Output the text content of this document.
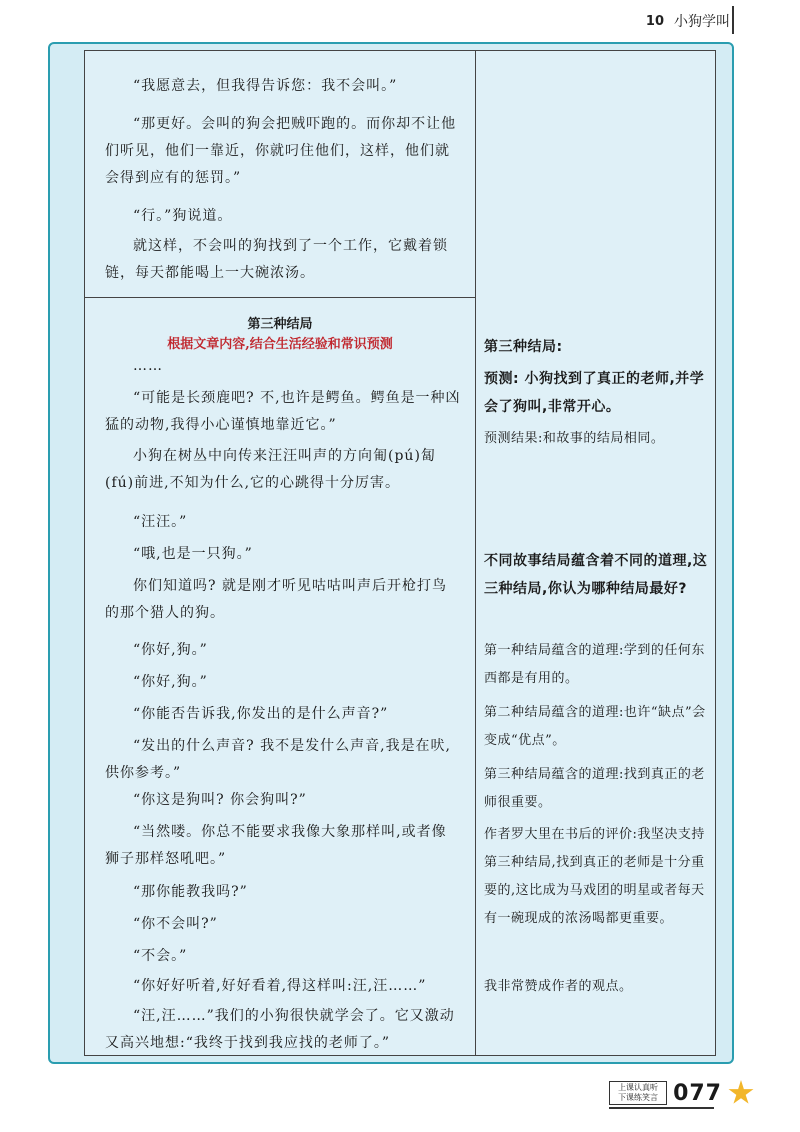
10 小狗学叫

“我愿意去，但我得告诉您：我不会叫。”

“那更好。会叫的狗会把贼吓跑的。而你却不让他们听见，他们一靠近，你就叼住他们，这样，他们就会得到应有的惩罚。”

“行。”狗说道。

就这样，不会叫的狗找到了一个工作，它戴着锁链，每天都能喝上一大碗浓汤。

第三种结局
根据文章内容,结合生活经验和常识预测

……

“可能是长颈鹿吧? 不,也许是鳄鱼。鳄鱼是一种凶猛的动物,我得小心谨慎地靠近它。”

小狗在树丛中向传来汪汪叫声的方向匍(pú)匐(fú)前进,不知为什么,它的心跳得十分厉害。

“汪汪。”

“哦,也是一只狗。”

你们知道吗? 就是刚才听见咕咕叫声后开枪打鸟的那个猎人的狗。

“你好,狗。”

“你好,狗。”

“你能否告诉我,你发出的是什么声音?”

“发出的什么声音? 我不是发什么声音,我是在吠,供你参考。”

“你这是狗叫? 你会狗叫?”

“当然喽。你总不能要求我像大象那样叫,或者像狮子那样怒吼吧。”

“那你能教我吗?”

“你不会叫?”

“不会。”

“你好好听着,好好看着,得这样叫:汪,汪……”

“汪,汪……”我们的小狗很快就学会了。它又激动又高兴地想:“我终于找到我应找的老师了。”

第三种结局:

预测: 小狗找到了真正的老师,并学会了狗叫,非常开心。

预测结果:和故事的结局相同。

不同故事结局蕴含着不同的道理,这三种结局,你认为哪种结局最好?

第一种结局蕴含的道理:学到的任何东西都是有用的。

第二种结局蕴含的道理:也许“缺点”会变成“优点”。

第三种结局蕴含的道理:找到真正的老师很重要。

作者罗大里在书后的评价:我坚决支持第三种结局,找到真正的老师是十分重要的,这比成为马戏团的明星或者每天有一碗现成的浓汤喝都更重要。

我非常赞成作者的观点。

上课认真听
下课练笑言 077
